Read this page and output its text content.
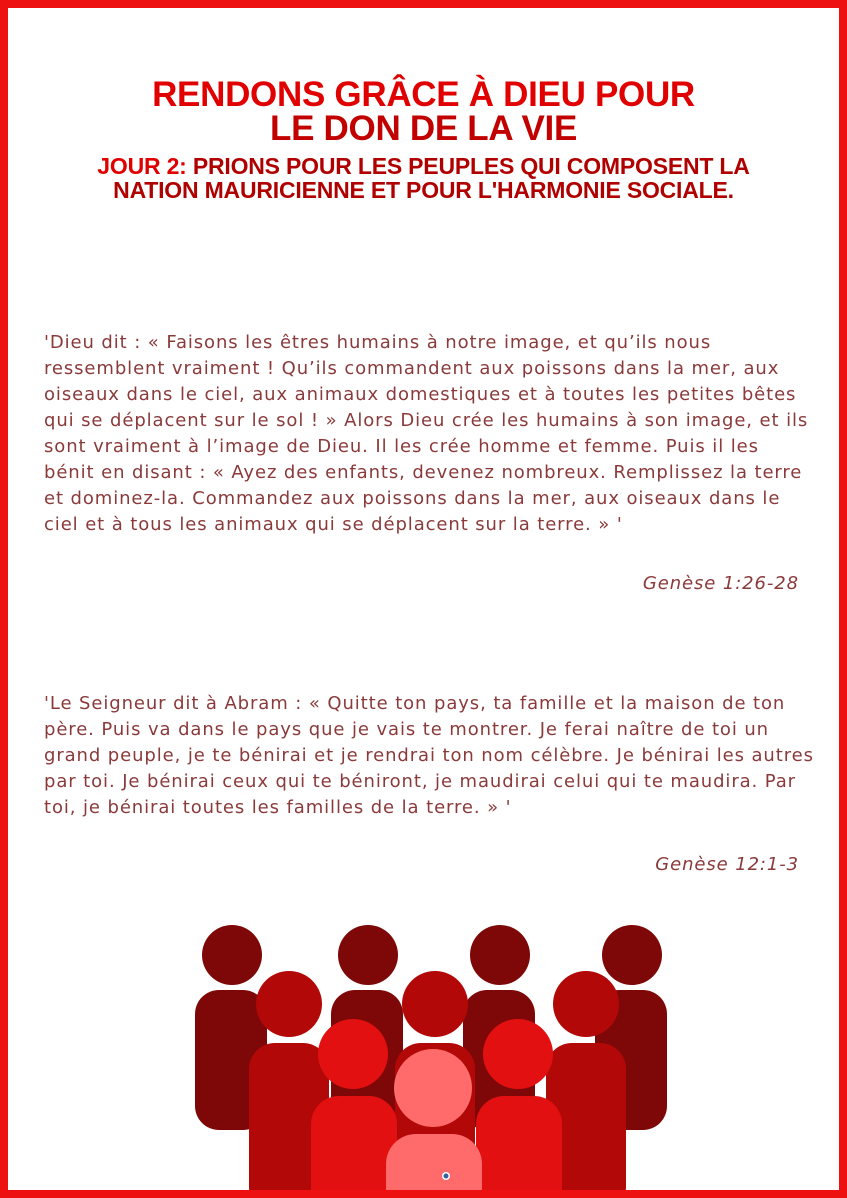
RENDONS GRÂCE À DIEU POUR
LE DON DE LA VIE

JOUR 2: PRIONS POUR LES PEUPLES QUI COMPOSENT LA NATION MAURICIENNE ET POUR L'HARMONIE SOCIALE.

'Dieu dit : « Faisons les êtres humains à notre image, et qu’ils nous ressemblent vraiment ! Qu’ils commandent aux poissons dans la mer, aux oiseaux dans le ciel, aux animaux domestiques et à toutes les petites bêtes qui se déplacent sur le sol ! » Alors Dieu crée les humains à son image, et ils sont vraiment à l’image de Dieu. Il les crée homme et femme. Puis il les bénit en disant : « Ayez des enfants, devenez nombreux. Remplissez la terre et dominez-la. Commandez aux poissons dans la mer, aux oiseaux dans le ciel et à tous les animaux qui se déplacent sur la terre. » '

Genèse 1:26-28

'Le Seigneur dit à Abram : « Quitte ton pays, ta famille et la maison de ton père. Puis va dans le pays que je vais te montrer. Je ferai naître de toi un grand peuple, je te bénirai et je rendrai ton nom célèbre. Je bénirai les autres par toi. Je bénirai ceux qui te béniront, je maudirai celui qui te maudira. Par toi, je bénirai toutes les familles de la terre. » '

Genèse 12:1-3

LEVE ...
